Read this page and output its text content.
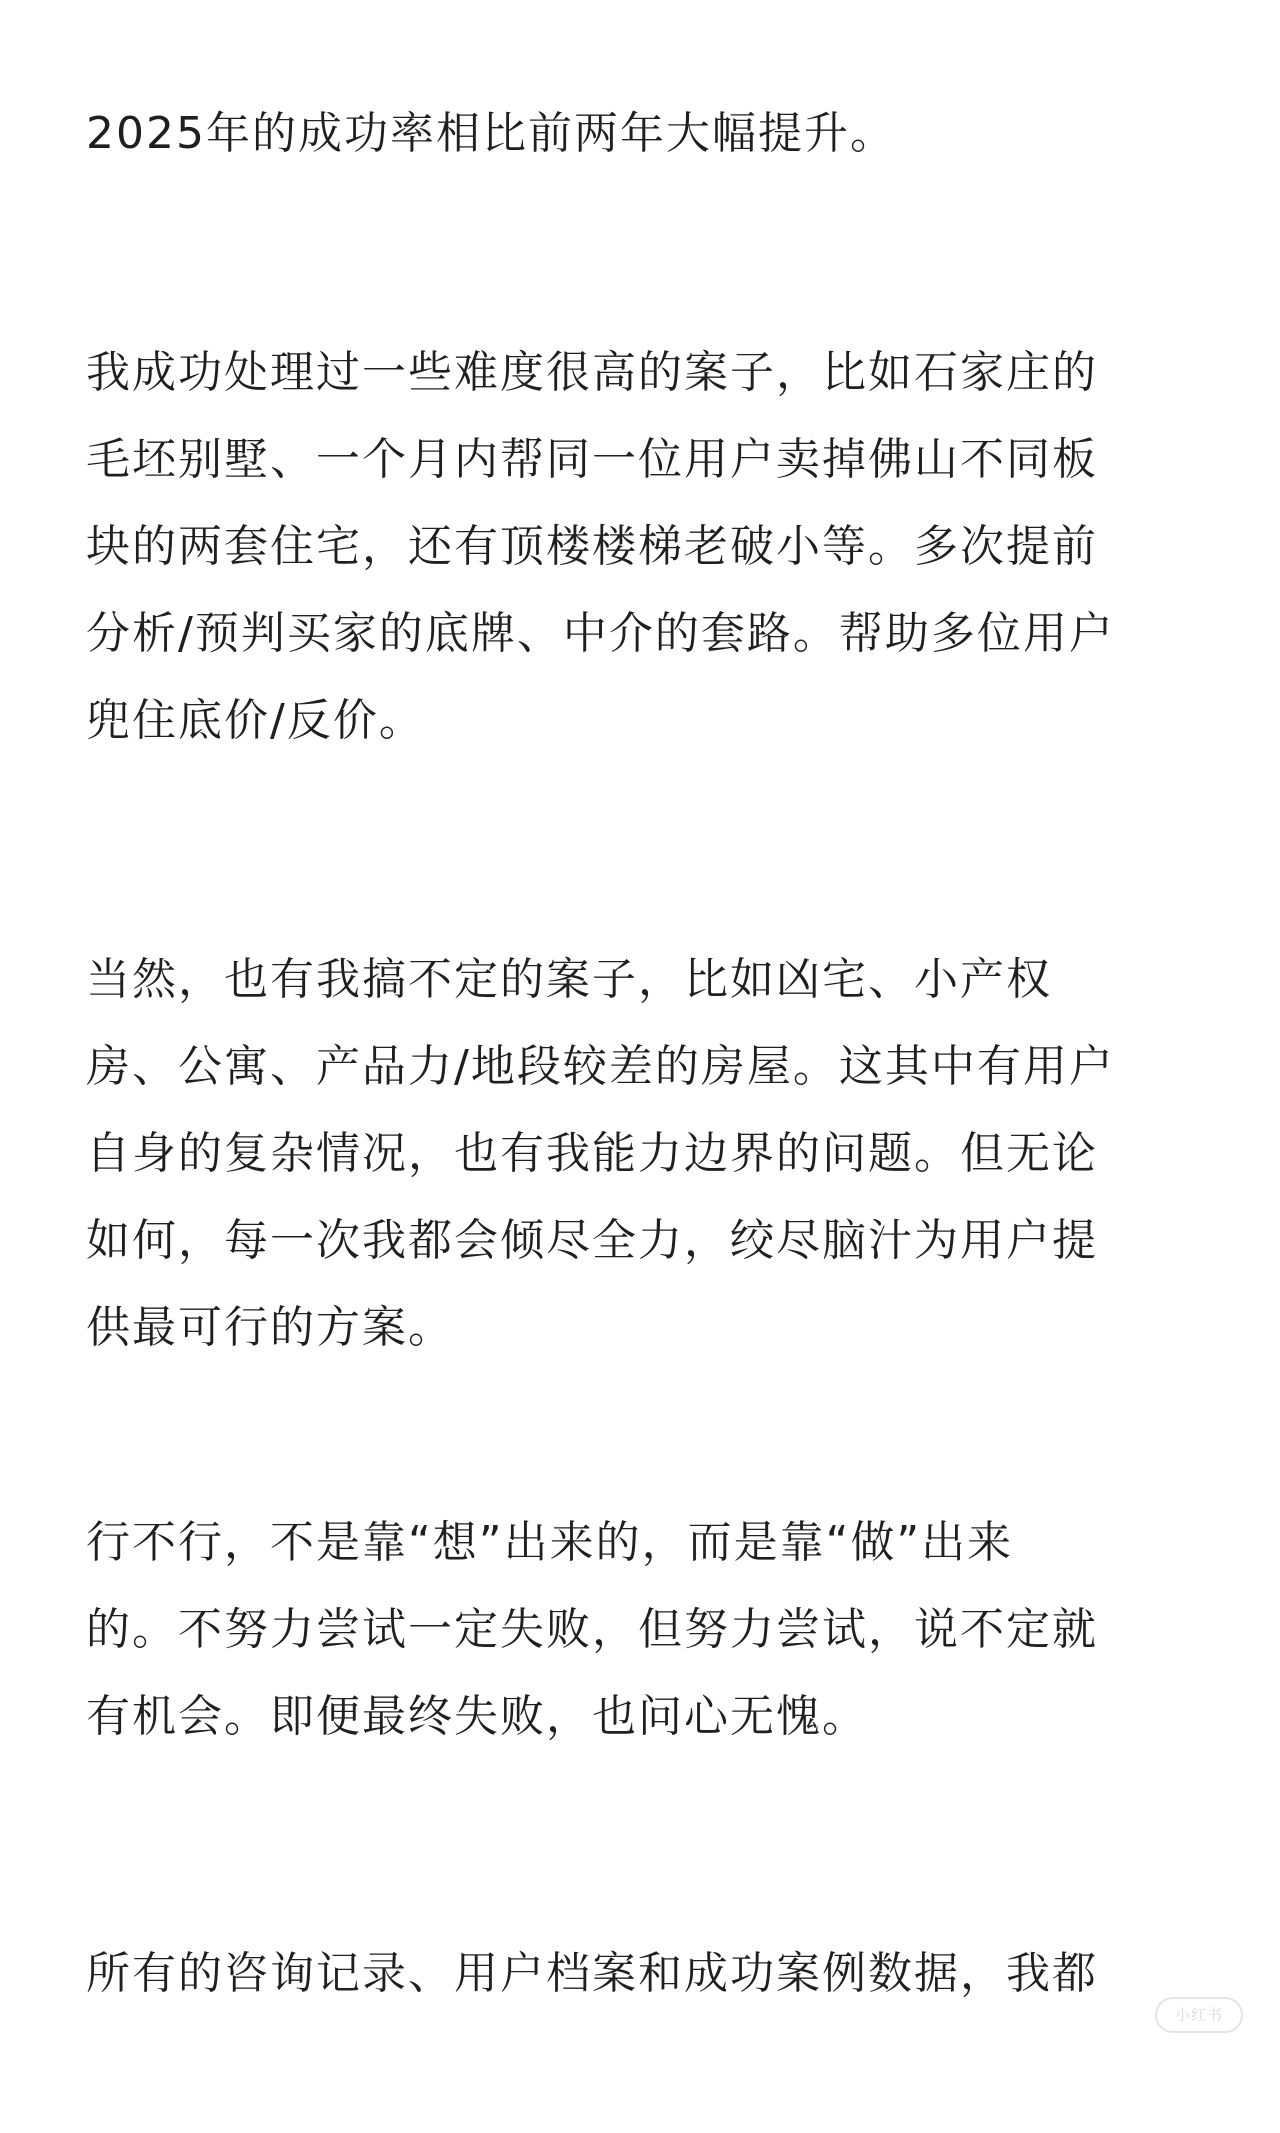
2025年的成功率相比前两年大幅提升。

我成功处理过一些难度很高的案子，比如石家庄的
毛坯别墅、一个月内帮同一位用户卖掉佛山不同板
块的两套住宅，还有顶楼楼梯老破小等。多次提前
分析/预判买家的底牌、中介的套路。帮助多位用户
兜住底价/反价。

当然，也有我搞不定的案子，比如凶宅、小产权
房、公寓、产品力/地段较差的房屋。这其中有用户
自身的复杂情况，也有我能力边界的问题。但无论
如何，每一次我都会倾尽全力，绞尽脑汁为用户提
供最可行的方案。

行不行，不是靠“想”出来的，而是靠“做”出来
的。不努力尝试一定失败，但努力尝试，说不定就
有机会。即便最终失败，也问心无愧。

所有的咨询记录、用户档案和成功案例数据，我都

小红书
